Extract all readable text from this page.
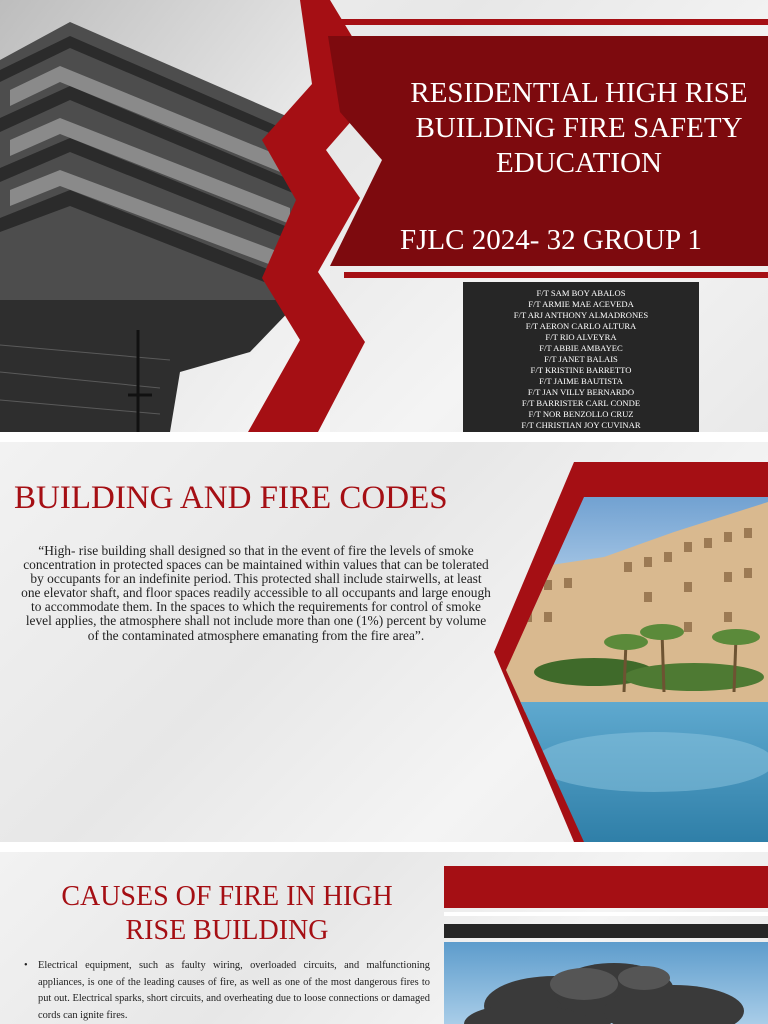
RESIDENTIAL HIGH RISE
BUILDING FIRE SAFETY
EDUCATION
FJLC 2024- 32 GROUP 1
F/T SAM BOY ABALOS
F/T ARMIE MAE ACEVEDA
F/T ARJ ANTHONY ALMADRONES
F/T AERON CARLO ALTURA
F/T RIO ALVEYRA
F/T ABBIE AMBAYEC
F/T JANET BALAIS
F/T KRISTINE BARRETTO
F/T JAIME BAUTISTA
F/T JAN VILLY BERNARDO
F/T BARRISTER CARL CONDE
F/T NOR BENZOLLO CRUZ
F/T CHRISTIAN JOY CUVINAR
BUILDING AND FIRE CODES

“High- rise building shall designed so that in the event of fire the levels of smoke concentration in protected spaces can be maintained within values that can be tolerated by occupants for an indefinite period. This protected shall include stairwells, at least one elevator shaft, and floor spaces readily accessible to all occupants and large enough to accommodate them. In the spaces to which the requirements for control of smoke level applies, the atmosphere shall not include more than one (1%) percent by volume of the contaminated atmosphere emanating from the fire area”.

CAUSES OF FIRE IN HIGH
RISE BUILDING
• Electrical equipment, such as faulty wiring, overloaded circuits, and malfunctioning appliances, is one of the leading causes of fire, as well as one of the most dangerous fires to put out. Electrical sparks, short circuits, and overheating due to loose connections or damaged cords can ignite fires.
